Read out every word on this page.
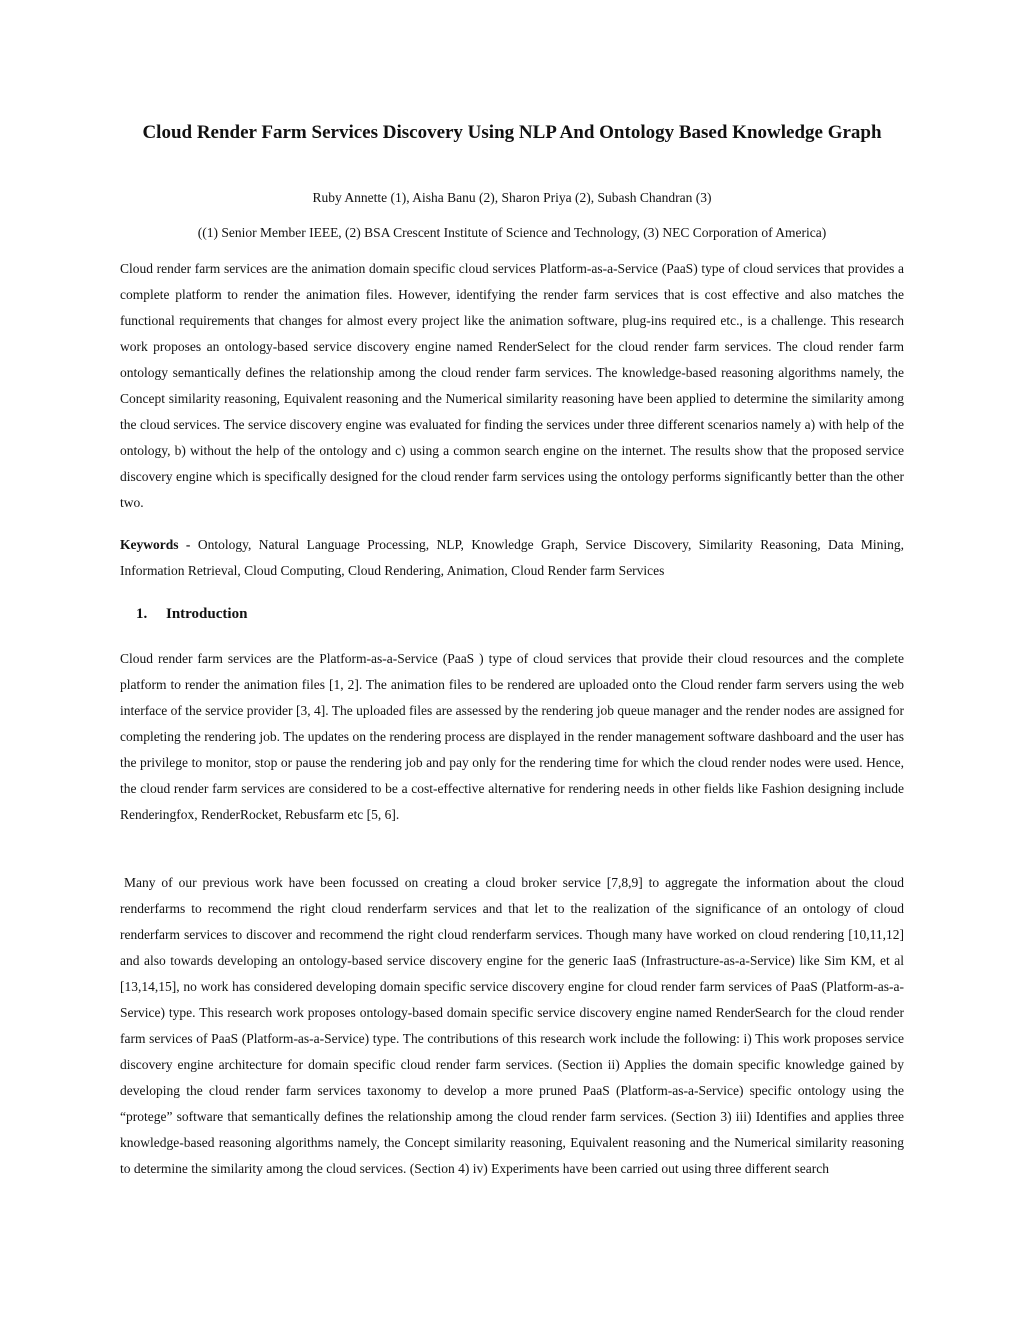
Cloud Render Farm Services Discovery Using NLP And Ontology Based Knowledge Graph
Ruby Annette (1), Aisha Banu (2), Sharon Priya (2), Subash Chandran (3)
((1) Senior Member IEEE, (2) BSA Crescent Institute of Science and Technology, (3) NEC Corporation of America)
Cloud render farm services are the animation domain specific cloud services Platform-as-a-Service (PaaS) type of cloud services that provides a complete platform to render the animation files. However, identifying the render farm services that is cost effective and also matches the functional requirements that changes for almost every project like the animation software, plug-ins required etc., is a challenge. This research work proposes an ontology-based service discovery engine named RenderSelect for the cloud render farm services. The cloud render farm ontology semantically defines the relationship among the cloud render farm services. The knowledge-based reasoning algorithms namely, the Concept similarity reasoning, Equivalent reasoning and the Numerical similarity reasoning have been applied to determine the similarity among the cloud services. The service discovery engine was evaluated for finding the services under three different scenarios namely a) with help of the ontology, b) without the help of the ontology and c) using a common search engine on the internet. The results show that the proposed service discovery engine which is specifically designed for the cloud render farm services using the ontology performs significantly better than the other two.
Keywords - Ontology, Natural Language Processing, NLP, Knowledge Graph, Service Discovery, Similarity Reasoning, Data Mining, Information Retrieval, Cloud Computing, Cloud Rendering, Animation, Cloud Render farm Services
1. Introduction
Cloud render farm services are the Platform-as-a-Service (PaaS ) type of cloud services that provide their cloud resources and the complete platform to render the animation files [1, 2]. The animation files to be rendered are uploaded onto the Cloud render farm servers using the web interface of the service provider [3, 4]. The uploaded files are assessed by the rendering job queue manager and the render nodes are assigned for completing the rendering job. The updates on the rendering process are displayed in the render management software dashboard and the user has the privilege to monitor, stop or pause the rendering job and pay only for the rendering time for which the cloud render nodes were used. Hence, the cloud render farm services are considered to be a cost-effective alternative for rendering needs in other fields like Fashion designing include Renderingfox, RenderRocket, Rebusfarm etc [5, 6].
Many of our previous work have been focussed on creating a cloud broker service [7,8,9] to aggregate the information about the cloud renderfarms to recommend the right cloud renderfarm services and that let to the realization of the significance of an ontology of cloud renderfarm services to discover and recommend the right cloud renderfarm services. Though many have worked on cloud rendering [10,11,12] and also towards developing an ontology-based service discovery engine for the generic IaaS (Infrastructure-as-a-Service) like Sim KM, et al [13,14,15], no work has considered developing domain specific service discovery engine for cloud render farm services of PaaS (Platform-as-a-Service) type. This research work proposes ontology-based domain specific service discovery engine named RenderSearch for the cloud render farm services of PaaS (Platform-as-a-Service) type. The contributions of this research work include the following: i) This work proposes service discovery engine architecture for domain specific cloud render farm services. (Section ii) Applies the domain specific knowledge gained by developing the cloud render farm services taxonomy to develop a more pruned PaaS (Platform-as-a-Service) specific ontology using the “protege” software that semantically defines the relationship among the cloud render farm services. (Section 3) iii) Identifies and applies three knowledge-based reasoning algorithms namely, the Concept similarity reasoning, Equivalent reasoning and the Numerical similarity reasoning to determine the similarity among the cloud services. (Section 4) iv) Experiments have been carried out using three different search
